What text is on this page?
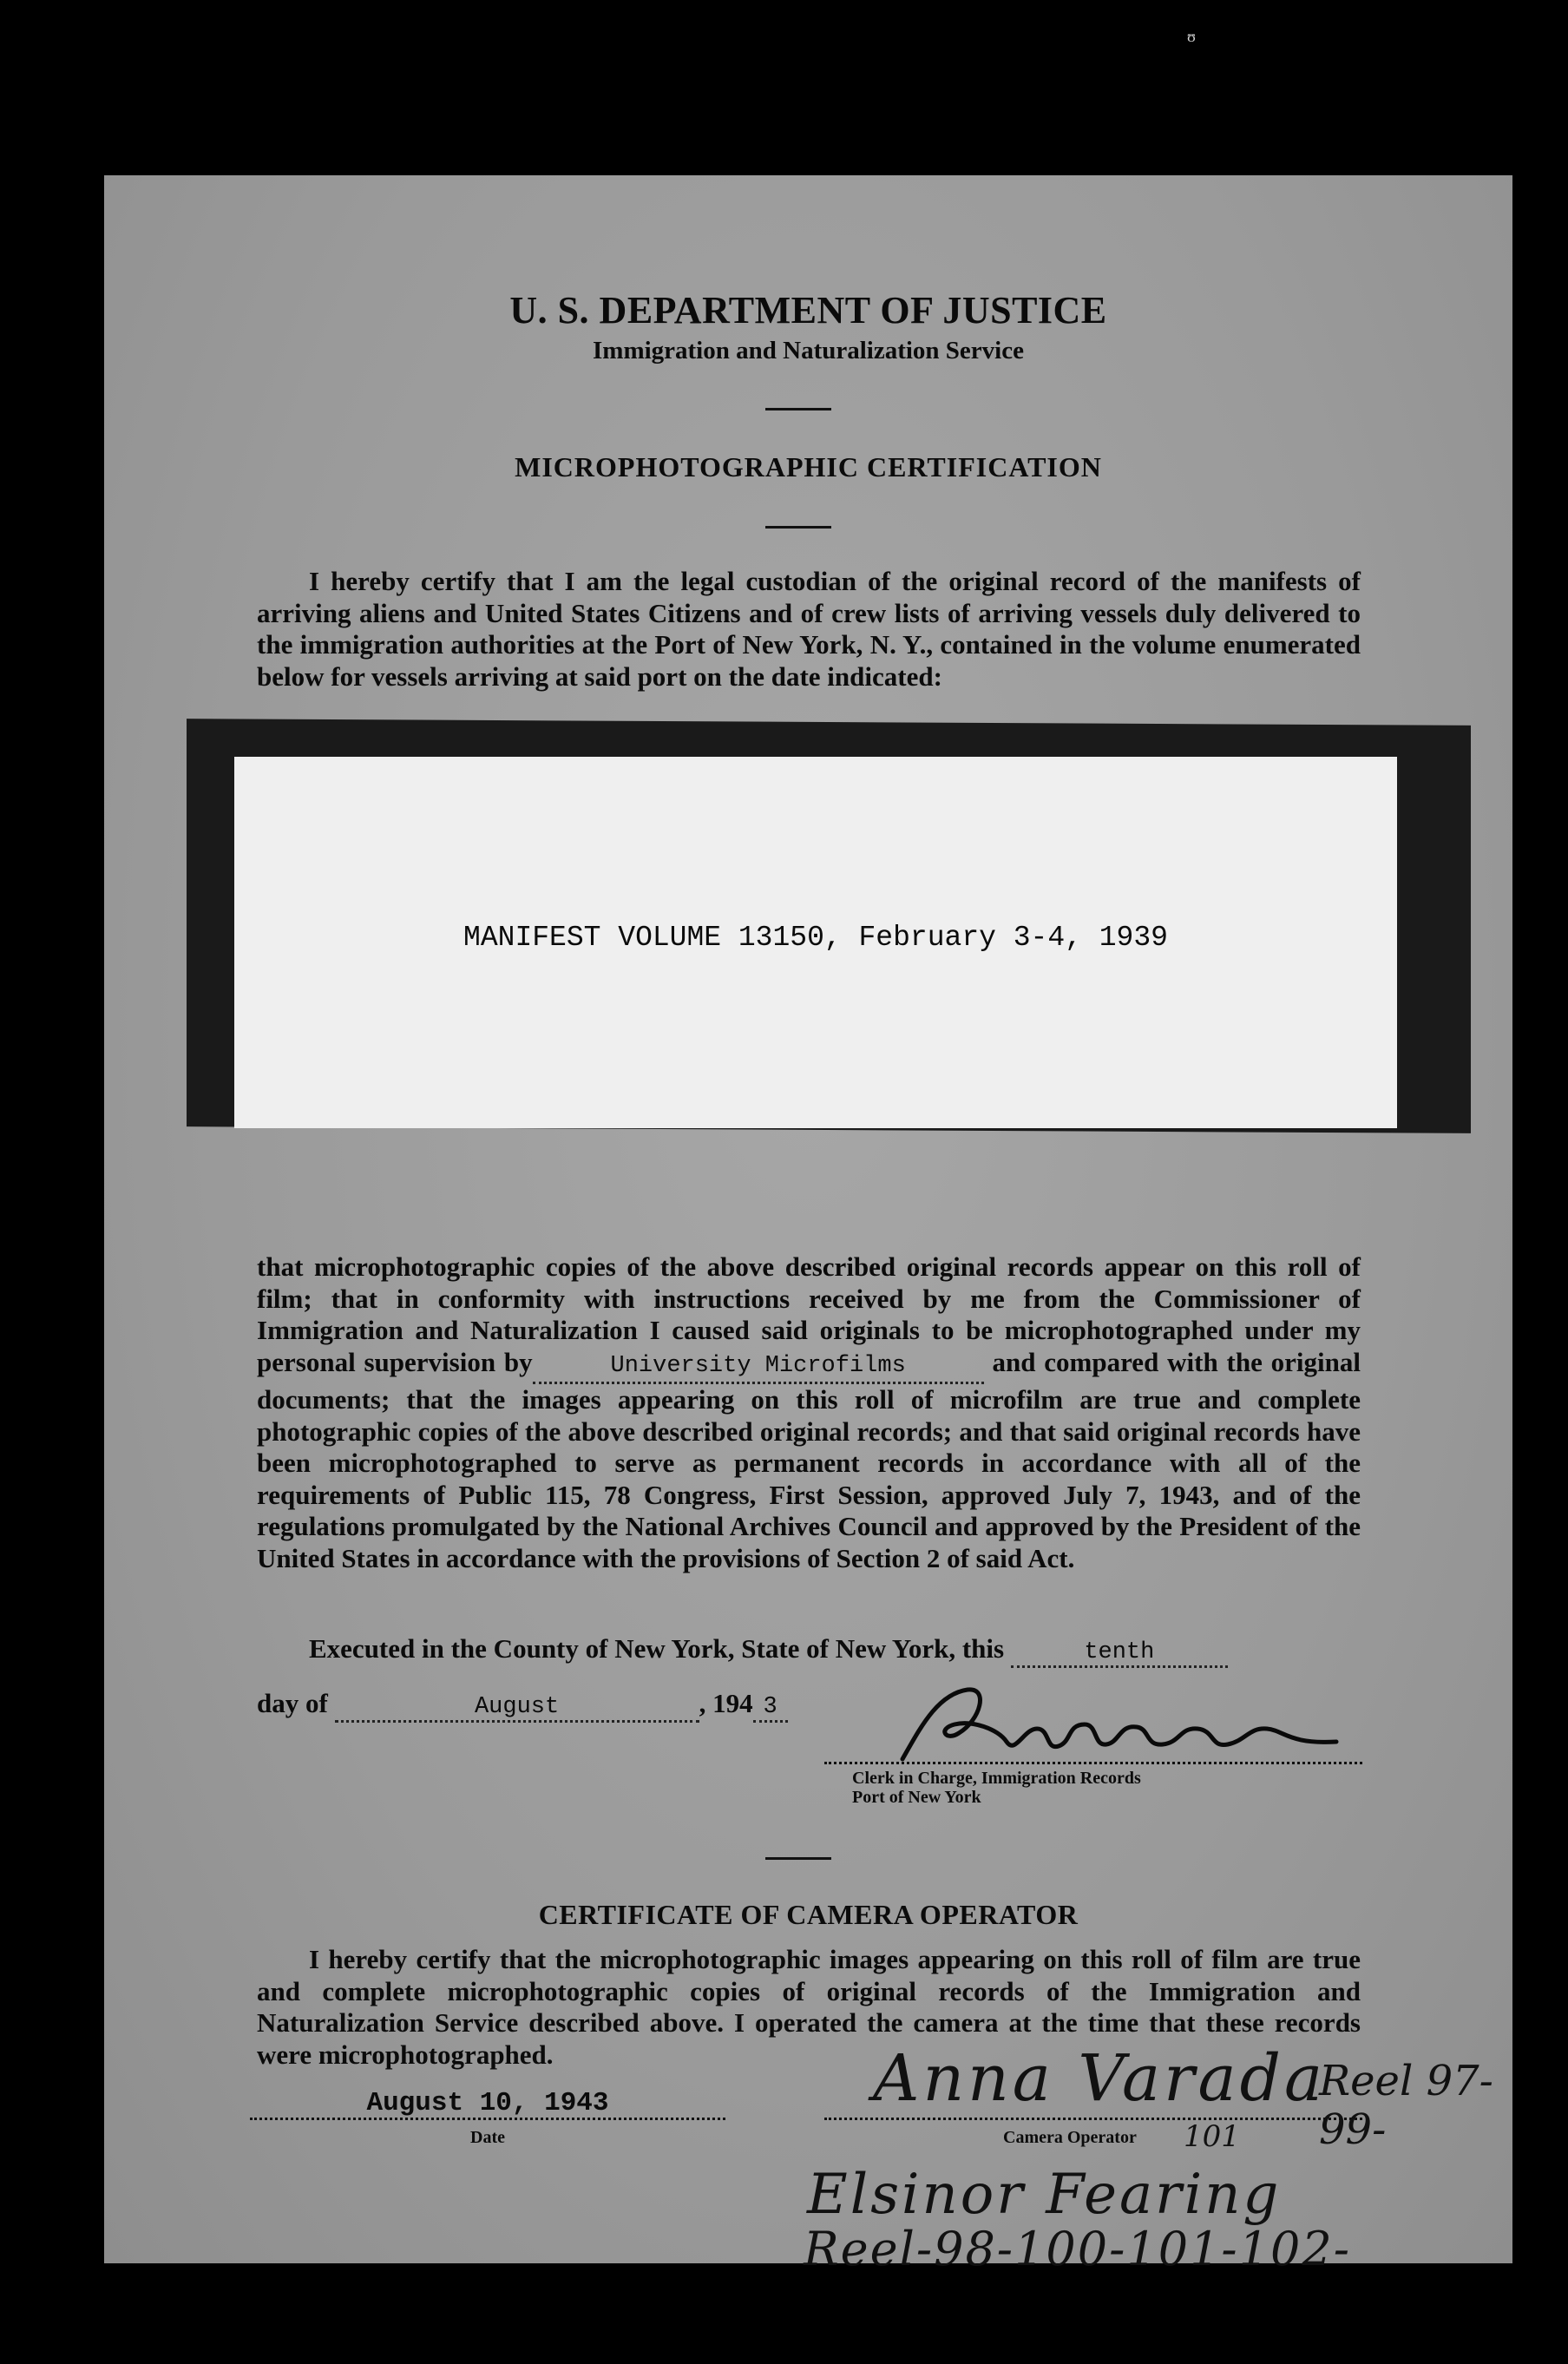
ʊ
U. S. DEPARTMENT OF JUSTICE
Immigration and Naturalization Service
MICROPHOTOGRAPHIC CERTIFICATION
I hereby certify that I am the legal custodian of the original record of the manifests of arriving aliens and United States Citizens and of crew lists of arriving vessels duly delivered to the immigration authorities at the Port of New York, N. Y., contained in the volume enumerated below for vessels arriving at said port on the date indicated:
MANIFEST VOLUME 13150, February 3-4, 1939
that microphotographic copies of the above described original records appear on this roll of film; that in conformity with instructions received by me from the Commissioner of Immigration and Naturalization I caused said originals to be microphotographed under my personal supervision by	University Microfilms	and compared with the original documents; that the images appearing on this roll of microfilm are true and complete photographic copies of the above described original records; and that said original records have been microphotographed to serve as permanent records in accordance with all of the requirements of Public 115, 78 Congress, First Session, approved July 7, 1943, and of the regulations promulgated by the National Archives Council and approved by the President of the United States in accordance with the provisions of Section 2 of said Act.
Executed in the County of New York, State of New York, this	tenth
day of	August	, 194 3
Clerk in Charge, Immigration Records
Port of New York
CERTIFICATE OF CAMERA OPERATOR
I hereby certify that the microphotographic images appearing on this roll of film are true and complete microphotographic copies of original records of the Immigration and Naturalization Service described above. I operated the camera at the time that these records were microphotographed.
August 10, 1943
Date
Anna Varada
Reel 97-99-
Camera Operator 101
Elsinor Fearing
Reel-98-100-101-102-
